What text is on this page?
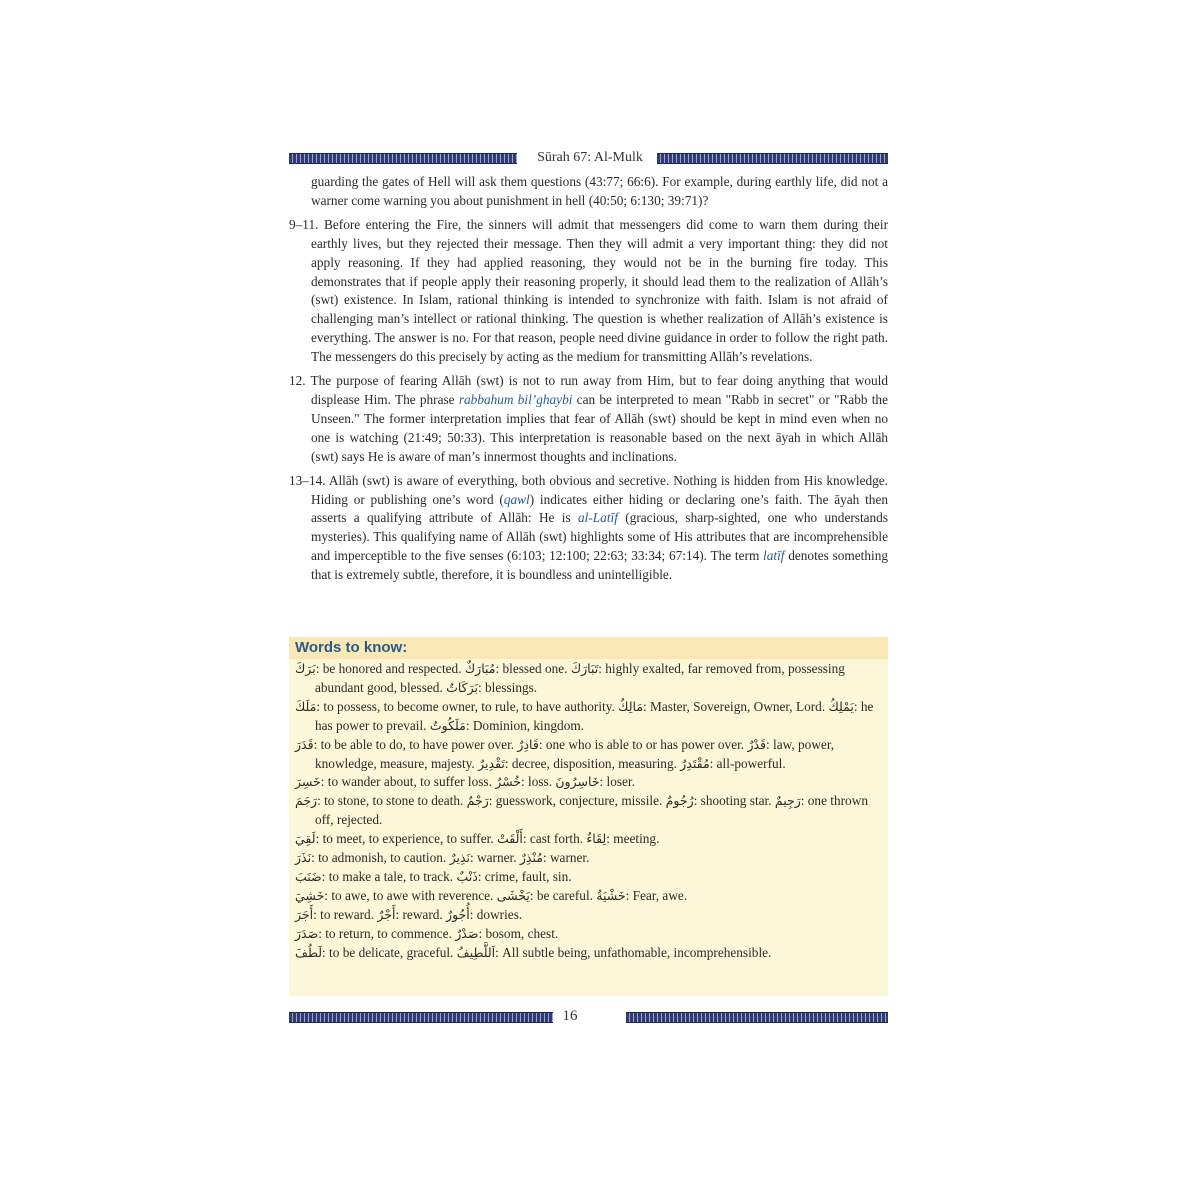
Sūrah 67: Al-Mulk

guarding the gates of Hell will ask them questions (43:77; 66:6). For example, during earthly life, did not a warner come warning you about punishment in hell (40:50; 6:130; 39:71)?

9–11. Before entering the Fire, the sinners will admit that messengers did come to warn them during their earthly lives, but they rejected their message. Then they will admit a very important thing: they did not apply reasoning. If they had applied reasoning, they would not be in the burning fire today. This demonstrates that if people apply their reasoning properly, it should lead them to the realization of Allāh’s (swt) existence. In Islam, rational thinking is intended to synchronize with faith. Islam is not afraid of challenging man’s intellect or rational thinking. The question is whether realization of Allāh’s existence is everything. The answer is no. For that reason, people need divine guidance in order to follow the right path. The messengers do this precisely by acting as the medium for transmitting Allāh’s revelations.

12. The purpose of fearing Allāh (swt) is not to run away from Him, but to fear doing anything that would displease Him. The phrase rabbahum bil’ghaybi can be interpreted to mean "Rabb in secret" or "Rabb the Unseen." The former interpretation implies that fear of Allāh (swt) should be kept in mind even when no one is watching (21:49; 50:33). This interpretation is reasonable based on the next āyah in which Allāh (swt) says He is aware of man’s innermost thoughts and inclinations.

13–14. Allāh (swt) is aware of everything, both obvious and secretive. Nothing is hidden from His knowledge. Hiding or publishing one’s word (qawl) indicates either hiding or declaring one’s faith. The āyah then asserts a qualifying attribute of Allāh: He is al-Latīf (gracious, sharp-sighted, one who understands mysteries). This qualifying name of Allāh (swt) highlights some of His attributes that are incomprehensible and imperceptible to the five senses (6:103; 12:100; 22:63; 33:34; 67:14). The term latīf denotes something that is extremely subtle, therefore, it is boundless and unintelligible.

Words to know:

بَرَكَ: be honored and respected. مُبَارَكٌ: blessed one. تَبَارَكَ: highly exalted, far removed from, possessing abundant good, blessed. بَرَكَاتٌ: blessings.

مَلَكَ: to possess, to become owner, to rule, to have authority. مَالِكٌ: Master, Sovereign, Owner, Lord. يَمْلِكُ: he has power to prevail. مَلَكُوتٌ: Dominion, kingdom.

قَدَرَ: to be able to do, to have power over. قَادِرٌ: one who is able to or has power over. قَدْرٌ: law, power, knowledge, measure, majesty. تَقْدِيرٌ: decree, disposition, measuring. مُقْتَدِرٌ: all-powerful.

خَسِرَ: to wander about, to suffer loss. خُسْرٌ: loss. خَاسِرُونَ: loser.

رَجَمَ: to stone, to stone to death. رَجْمٌ: guesswork, conjecture, missile. رُجُومٌ: shooting star. رَجِيمٌ: one thrown off, rejected.

لَقِيَ: to meet, to experience, to suffer. أَلْقَتْ: cast forth. لِقَاءٌ: meeting.

نَذَرَ: to admonish, to caution. نَذِيرٌ: warner. مُنْذِرٌ: warner.

ضَنَبَ: to make a tale, to track. ذَنْبٌ: crime, fault, sin.

خَشِيَ: to awe, to awe with reverence. يَخْشَى: be careful. خَشْيَةٌ: Fear, awe.

أَجَرَ: to reward. أَجْرٌ: reward. أُجُورٌ: dowries.

صَدَرَ: to return, to commence. صَدْرٌ: bosom, chest.

لَطُفَ: to be delicate, graceful. اَللَّطِيفُ: All subtle being, unfathomable, incomprehensible.

16
